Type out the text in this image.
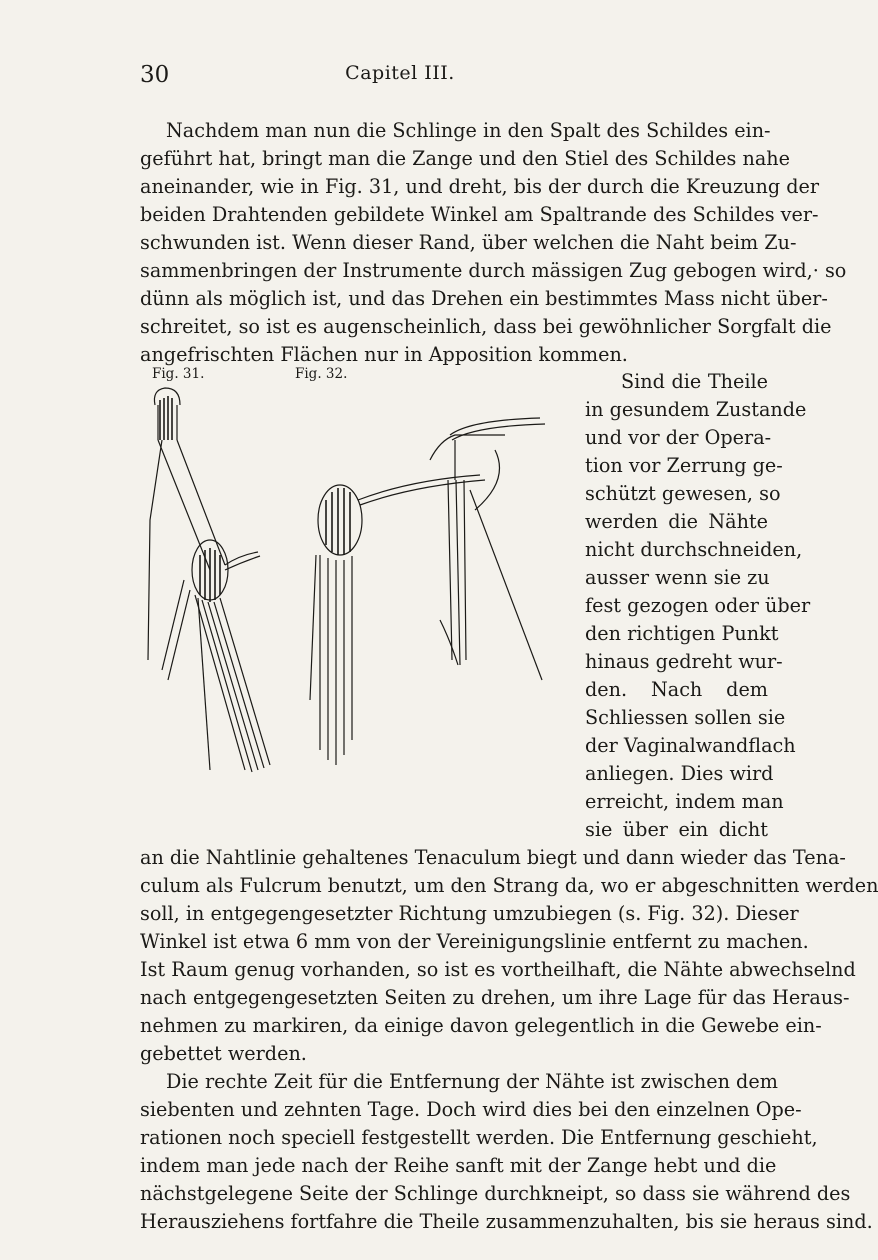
30	Capitel III.
Nachdem man nun die Schlinge in den Spalt des Schildes ein-
geführt hat, bringt man die Zange und den Stiel des Schildes nahe
aneinander, wie in Fig. 31, und dreht, bis der durch die Kreuzung der
beiden Drahtenden gebildete Winkel am Spaltrande des Schildes ver-
schwunden ist. Wenn dieser Rand, über welchen die Naht beim Zu-
sammenbringen der Instrumente durch mässigen Zug gebogen wird,· so
dünn als möglich ist, und das Drehen ein bestimmtes Mass nicht über-
schreitet, so ist es augenscheinlich, dass bei gewöhnlicher Sorgfalt die
angefrischten Flächen nur in Apposition kommen.
Fig. 31.	Fig. 32.	Sind die Theile
in gesundem Zustande
und vor der Opera-
tion vor Zerrung ge-
schützt gewesen, so
werden die Nähte
nicht durchschneiden,
ausser wenn sie zu
fest gezogen oder über
den richtigen Punkt
hinaus gedreht wur-
den. Nach dem
Schliessen sollen sie
der Vaginalwandflach
anliegen. Dies wird
erreicht, indem man
sie über ein dicht
an die Nahtlinie gehaltenes Tenaculum biegt und dann wieder das Tena-
culum als Fulcrum benutzt, um den Strang da, wo er abgeschnitten werden
soll, in entgegengesetzter Richtung umzubiegen (s. Fig. 32). Dieser
Winkel ist etwa 6 mm von der Vereinigungslinie entfernt zu machen.
Ist Raum genug vorhanden, so ist es vortheilhaft, die Nähte abwechselnd
nach entgegengesetzten Seiten zu drehen, um ihre Lage für das Heraus-
nehmen zu markiren, da einige davon gelegentlich in die Gewebe ein-
gebettet werden.
Die rechte Zeit für die Entfernung der Nähte ist zwischen dem
siebenten und zehnten Tage. Doch wird dies bei den einzelnen Ope-
rationen noch speciell festgestellt werden. Die Entfernung geschieht,
indem man jede nach der Reihe sanft mit der Zange hebt und die
nächstgelegene Seite der Schlinge durchkneipt, so dass sie während des
Herausziehens fortfahre die Theile zusammenzuhalten, bis sie heraus sind.
